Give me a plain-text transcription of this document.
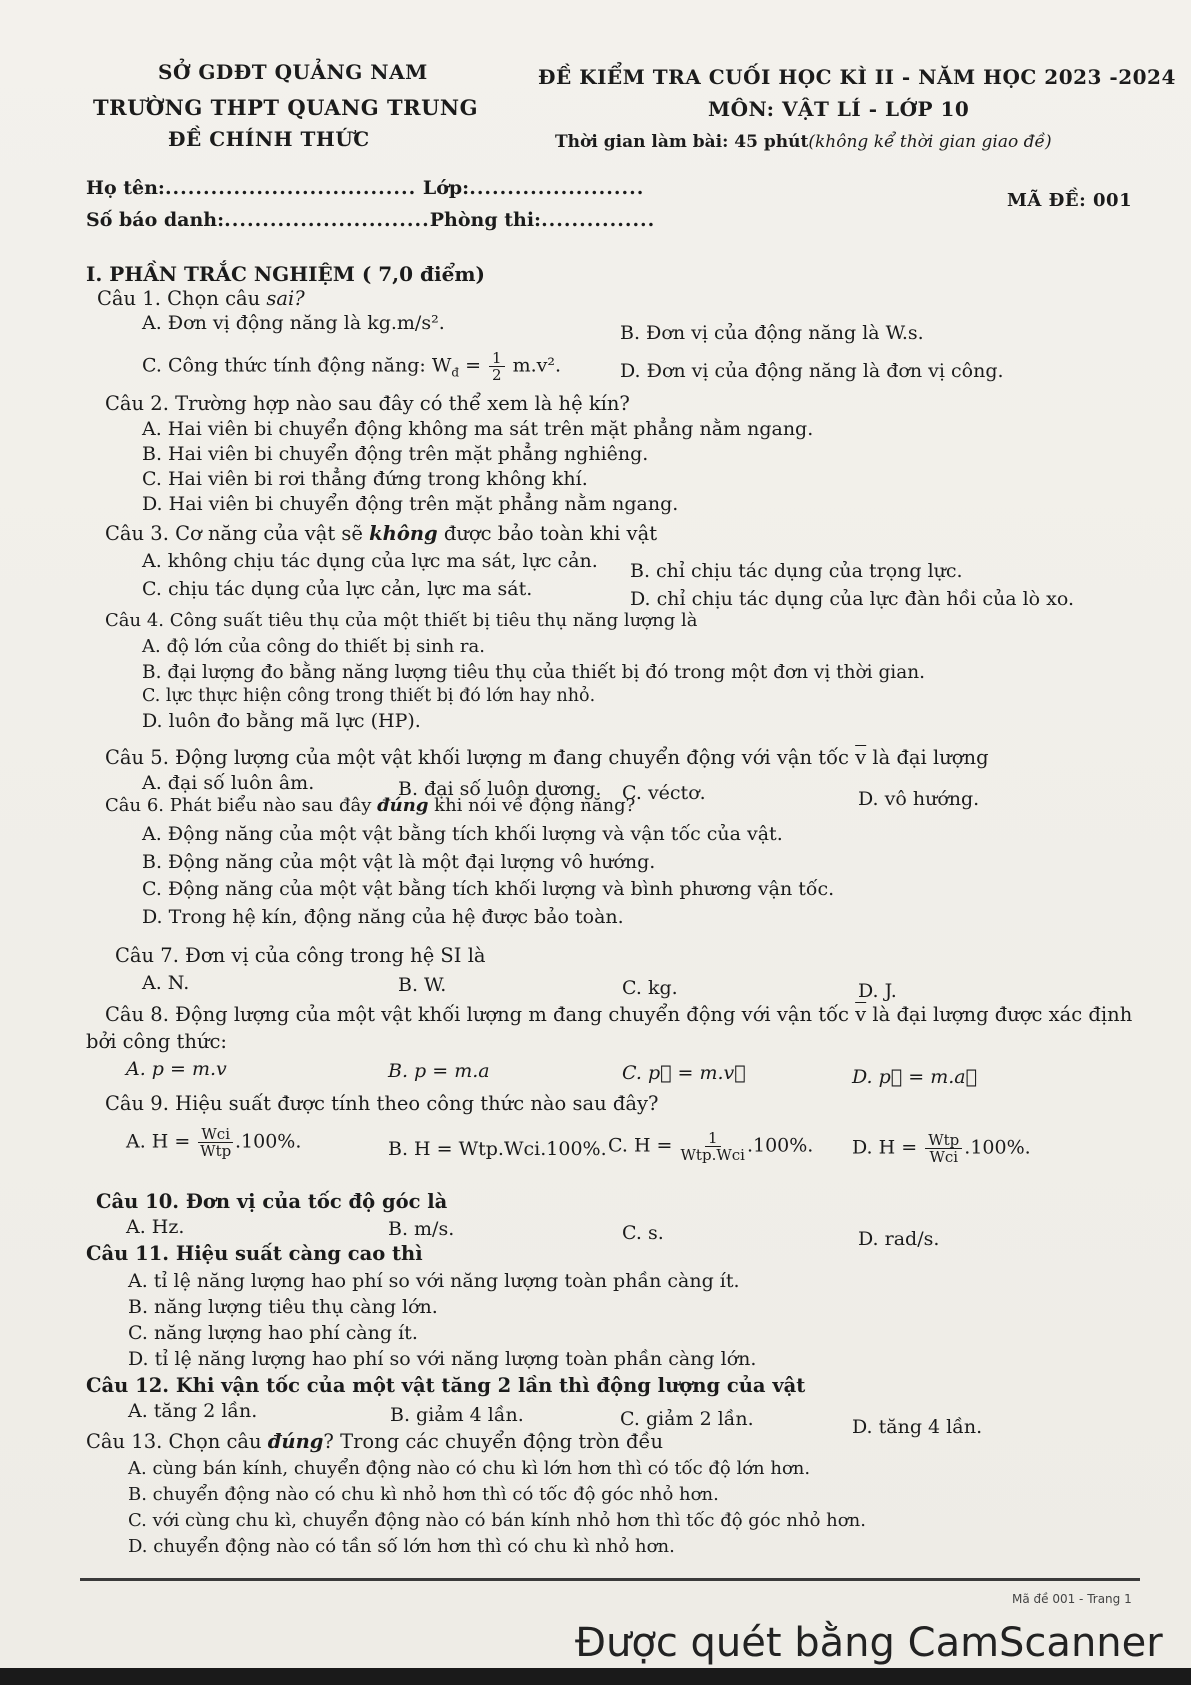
SỞ GDĐT QUẢNG NAM
TRƯỜNG THPT QUANG TRUNG
ĐỀ CHÍNH THỨC
ĐỀ KIỂM TRA CUỐI HỌC KÌ II - NĂM HỌC 2023 -2024
MÔN: VẬT LÍ - LỚP 10
Thời gian làm bài: 45 phút(không kể thời gian giao đề)
Họ tên:................................. Lớp:.......................
Số báo danh:...........................Phòng thi:...............
MÃ ĐỀ: 001
I. PHẦN TRẮC NGHIỆM ( 7,0 điểm)
Câu 1. Chọn câu sai?
A. Đơn vị động năng là kg.m/s².	B. Đơn vị của động năng là W.s.
C. Công thức tính động năng: $W_đ = \frac{1}{2} m.v^2$.	D. Đơn vị của động năng là đơn vị công.
Câu 2. Trường hợp nào sau đây có thể xem là hệ kín?
A. Hai viên bi chuyển động không ma sát trên mặt phẳng nằm ngang.
B. Hai viên bi chuyển động trên mặt phẳng nghiêng.
C. Hai viên bi rơi thẳng đứng trong không khí.
D. Hai viên bi chuyển động trên mặt phẳng nằm ngang.
Câu 3. Cơ năng của vật sẽ không được bảo toàn khi vật
A. không chịu tác dụng của lực ma sát, lực cản. B. chỉ chịu tác dụng của trọng lực.
C. chịu tác dụng của lực cản, lực ma sát.	D. chỉ chịu tác dụng của lực đàn hồi của lò xo.
Câu 4. Công suất tiêu thụ của một thiết bị tiêu thụ năng lượng là
A. độ lớn của công do thiết bị sinh ra.
B. đại lượng đo bằng năng lượng tiêu thụ của thiết bị đó trong một đơn vị thời gian.
C. lực thực hiện công trong thiết bị đó lớn hay nhỏ.
D. luôn đo bằng mã lực (HP).
Câu 5. Động lượng của một vật khối lượng m đang chuyển động với vận tốc $\overline{v}$ là đại lượng
A. đại số luôn âm.	B. đại số luôn dương. C. véctơ.	D. vô hướng.
Câu 6. Phát biểu nào sau đây đúng khi nói về động năng?
A. Động năng của một vật bằng tích khối lượng và vận tốc của vật.
B. Động năng của một vật là một đại lượng vô hướng.
C. Động năng của một vật bằng tích khối lượng và bình phương vận tốc.
D. Trong hệ kín, động năng của hệ được bảo toàn.
Câu 7. Đơn vị của công trong hệ SI là
A. N.	B. W.	C. kg.	D. J.
Câu 8. Động lượng của một vật khối lượng m đang chuyển động với vận tốc $\overline{v}$ là đại lượng được xác định
bởi công thức:
A. p = m.v	B. p = m.a	C. p⃗ = m.v⃗	D. p⃗ = m.a⃗
Câu 9. Hiệu suất được tính theo công thức nào sau đây?
A. $H = \frac{\text{Wci}}{\text{Wtp}} .100\%$.	B. H = Wtp.Wci.100%. C. $H = \frac{1}{\text{Wtp.Wci}} .100\%$. D. $H = \frac{\text{Wtp}}{\text{Wci}} .100\%$.
Câu 10. Đơn vị của tốc độ góc là
A. Hz.	B. m/s.	C. s.	D. rad/s.
Câu 11. Hiệu suất càng cao thì
A. tỉ lệ năng lượng hao phí so với năng lượng toàn phần càng ít.
B. năng lượng tiêu thụ càng lớn.
C. năng lượng hao phí càng ít.
D. tỉ lệ năng lượng hao phí so với năng lượng toàn phần càng lớn.
Câu 12. Khi vận tốc của một vật tăng 2 lần thì động lượng của vật
A. tăng 2 lần.	B. giảm 4 lần.	C. giảm 2 lần.	D. tăng 4 lần.
Câu 13. Chọn câu đúng? Trong các chuyển động tròn đều
A. cùng bán kính, chuyển động nào có chu kì lớn hơn thì có tốc độ lớn hơn.
B. chuyển động nào có chu kì nhỏ hơn thì có tốc độ góc nhỏ hơn.
C. với cùng chu kì, chuyển động nào có bán kính nhỏ hơn thì tốc độ góc nhỏ hơn.
D. chuyển động nào có tần số lớn hơn thì có chu kì nhỏ hơn.
Mã đề 001 - Trang 1
Được quét bằng CamScanner
